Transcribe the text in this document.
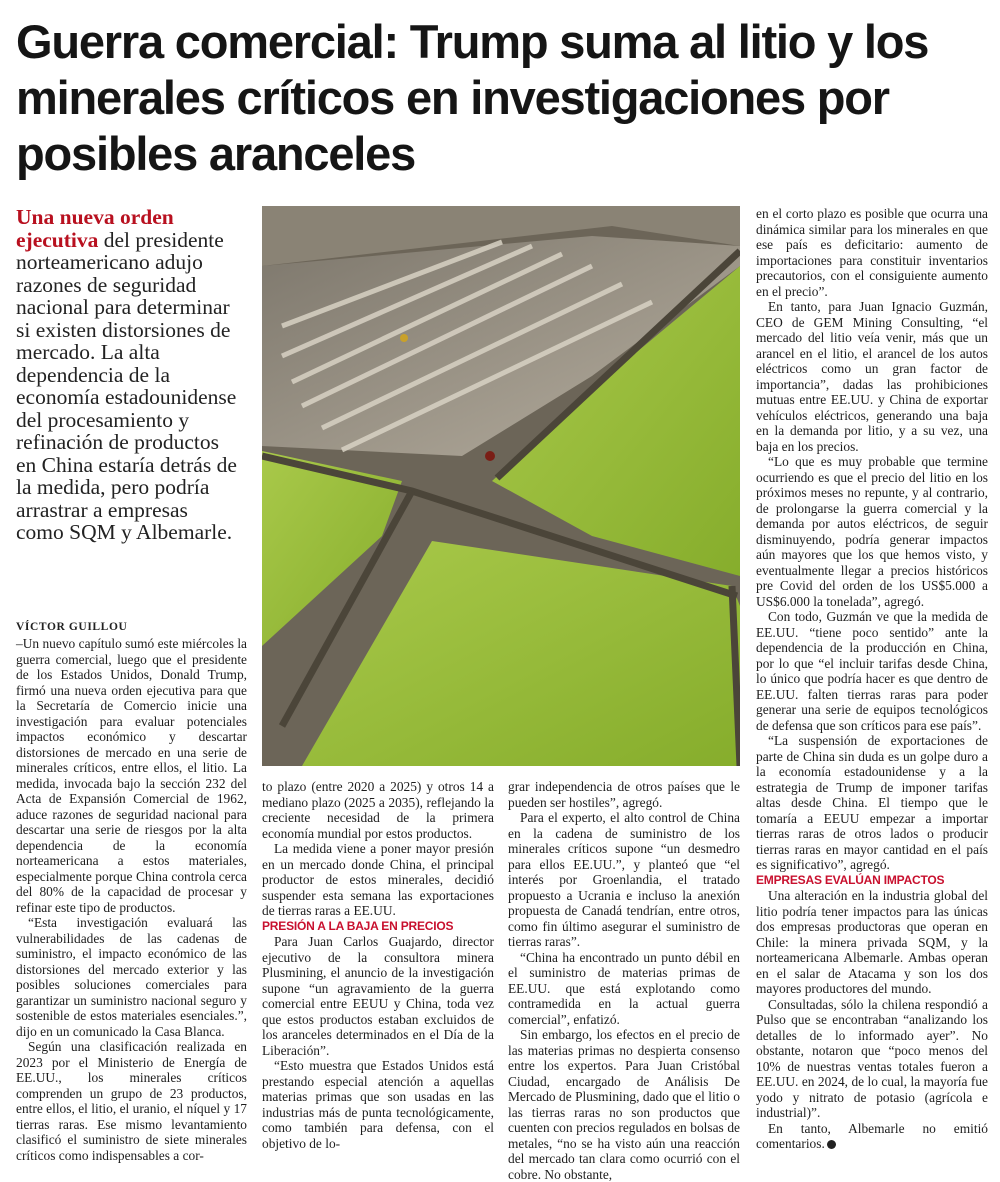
Guerra comercial: Trump suma al litio y los minerales críticos en investigaciones por posibles aranceles

Una nueva orden ejecutiva del presidente norteamericano adujo razones de seguridad nacional para determinar si existen distorsiones de mercado. La alta dependencia de la economía estadounidense del procesamiento y refinación de productos en China estaría detrás de la medida, pero podría arrastrar a empresas como SQM y Albemarle.

VÍCTOR GUILLOU

–Un nuevo capítulo sumó este miércoles la guerra comercial, luego que el presidente de los Estados Unidos, Donald Trump, firmó una nueva orden ejecutiva para que la Secretaría de Comercio inicie una investigación para evaluar potenciales impactos económico y descartar distorsiones de mercado en una serie de minerales críticos, entre ellos, el litio. La medida, invocada bajo la sección 232 del Acta de Expansión Comercial de 1962, aduce razones de seguridad nacional para descartar una serie de riesgos por la alta dependencia de la economía norteamericana a estos materiales, especialmente porque China controla cerca del 80% de la capacidad de procesar y refinar este tipo de productos.

“Esta investigación evaluará las vulnerabilidades de las cadenas de suministro, el impacto económico de las distorsiones del mercado exterior y las posibles soluciones comerciales para garantizar un suministro nacional seguro y sostenible de estos materiales esenciales.”, dijo en un comunicado la Casa Blanca.

Según una clasificación realizada en 2023 por el Ministerio de Energía de EE.UU., los minerales críticos comprenden un grupo de 23 productos, entre ellos, el litio, el uranio, el níquel y 17 tierras raras. Ese mismo levantamiento clasificó el suministro de siete minerales críticos como indispensables a cor-

to plazo (entre 2020 a 2025) y otros 14 a mediano plazo (2025 a 2035), reflejando la creciente necesidad de la primera economía mundial por estos productos.

La medida viene a poner mayor presión en un mercado donde China, el principal productor de estos minerales, decidió suspender esta semana las exportaciones de tierras raras a EE.UU.

PRESIÓN A LA BAJA EN PRECIOS

Para Juan Carlos Guajardo, director ejecutivo de la consultora minera Plusmining, el anuncio de la investigación supone “un agravamiento de la guerra comercial entre EEUU y China, toda vez que estos productos estaban excluidos de los aranceles determinados en el Día de la Liberación”.

“Esto muestra que Estados Unidos está prestando especial atención a aquellas materias primas que son usadas en las industrias más de punta tecnológicamente, como también para defensa, con el objetivo de lo-

grar independencia de otros países que le pueden ser hostiles”, agregó.

Para el experto, el alto control de China en la cadena de suministro de los minerales críticos supone “un desmedro para ellos EE.UU.”, y planteó que “el interés por Groenlandia, el tratado propuesto a Ucrania e incluso la anexión propuesta de Canadá tendrían, entre otros, como fin último asegurar el suministro de tierras raras”.

“China ha encontrado un punto débil en el suministro de materias primas de EE.UU. que está explotando como contramedida en la actual guerra comercial”, enfatizó.

Sin embargo, los efectos en el precio de las materias primas no despierta consenso entre los expertos. Para Juan Cristóbal Ciudad, encargado de Análisis De Mercado de Plusmining, dado que el litio o las tierras raras no son productos que cuenten con precios regulados en bolsas de metales, “no se ha visto aún una reacción del mercado tan clara como ocurrió con el cobre. No obstante,

en el corto plazo es posible que ocurra una dinámica similar para los minerales en que ese país es deficitario: aumento de importaciones para constituir inventarios precautorios, con el consiguiente aumento en el precio”.

En tanto, para Juan Ignacio Guzmán, CEO de GEM Mining Consulting, “el mercado del litio veía venir, más que un arancel en el litio, el arancel de los autos eléctricos como un gran factor de importancia”, dadas las prohibiciones mutuas entre EE.UU. y China de exportar vehículos eléctricos, generando una baja en la demanda por litio, y a su vez, una baja en los precios.

“Lo que es muy probable que termine ocurriendo es que el precio del litio en los próximos meses no repunte, y al contrario, de prolongarse la guerra comercial y la demanda por autos eléctricos, de seguir disminuyendo, podría generar impactos aún mayores que los que hemos visto, y eventualmente llegar a precios históricos pre Covid del orden de los US$5.000 a US$6.000 la tonelada”, agregó.

Con todo, Guzmán ve que la medida de EE.UU. “tiene poco sentido” ante la dependencia de la producción en China, por lo que “el incluir tarifas desde China, lo único que podría hacer es que dentro de EE.UU. falten tierras raras para poder generar una serie de equipos tecnológicos de defensa que son críticos para ese país”.

“La suspensión de exportaciones de parte de China sin duda es un golpe duro a la economía estadounidense y a la estrategia de Trump de imponer tarifas altas desde China. El tiempo que le tomaría a EEUU empezar a importar tierras raras de otros lados o producir tierras raras en mayor cantidad en el país es significativo”, agregó.

EMPRESAS EVALÚAN IMPACTOS

Una alteración en la industria global del litio podría tener impactos para las únicas dos empresas productoras que operan en Chile: la minera privada SQM, y la norteamericana Albemarle. Ambas operan en el salar de Atacama y son los dos mayores productores del mundo.

Consultadas, sólo la chilena respondió a Pulso que se encontraban “analizando los detalles de lo informado ayer”. No obstante, notaron que “poco menos del 10% de nuestras ventas totales fueron a EE.UU. en 2024, de lo cual, la mayoría fue yodo y nitrato de potasio (agrícola e industrial)”.

En tanto, Albemarle no emitió comentarios.
